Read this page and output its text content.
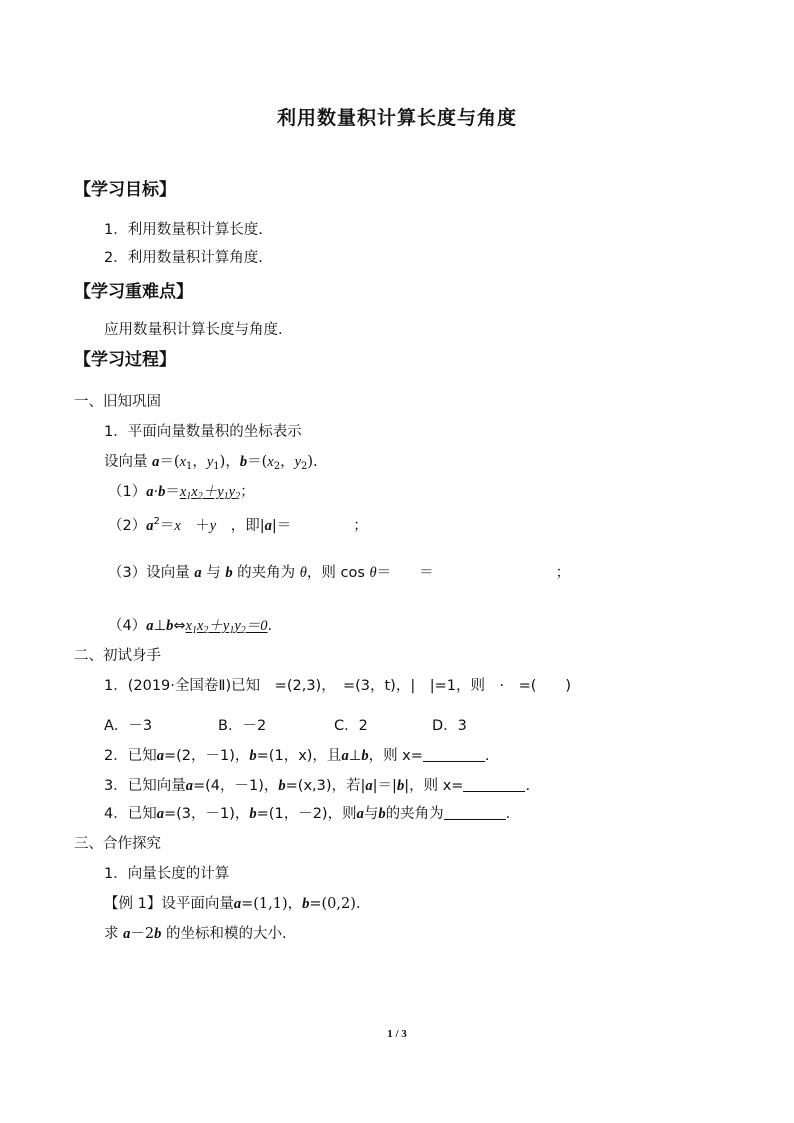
利用数量积计算长度与角度
【学习目标】
1．利用数量积计算长度.
2．利用数量积计算角度.
【学习重难点】
应用数量积计算长度与角度.
【学习过程】
一、旧知巩固
1．平面向量数量积的坐标表示
设向量 $a=(x_1$，$y_1$)，$b=(x_2$，$y_2$).
$(1)a\cdot b=x_1x_2+y_1y_2$；
$(2)a^2=x$　＋y　 ，即|a|＝	；
（3）设向量 a 与 b 的夹角为 θ，则 cos θ＝ ＝	；
$(4)a\perp b\Leftrightarrow x_1x_2+y_1y_2=0$.
二、初试身手
1．(2019·全国卷Ⅱ)已知　=(2,3)，　=(3，t)，|　|=1，则　·　=(　　)
A．－3	B．－2	C．2	D．3
2．已知a=(2，－1)，b=(1，x)，且a⊥b，则 x=	.
3．已知向量a=(4，－1)，b=(x,3)，若|a|＝|b|，则 x=	.
4．已知a=(3，－1)，b=(1，－2)，则a与b的夹角为	.
三、合作探究
1．向量长度的计算
【例 1】设平面向量a=(1,1)，b=(0,2).
求 a－2b 的坐标和模的大小.
1 / 3
